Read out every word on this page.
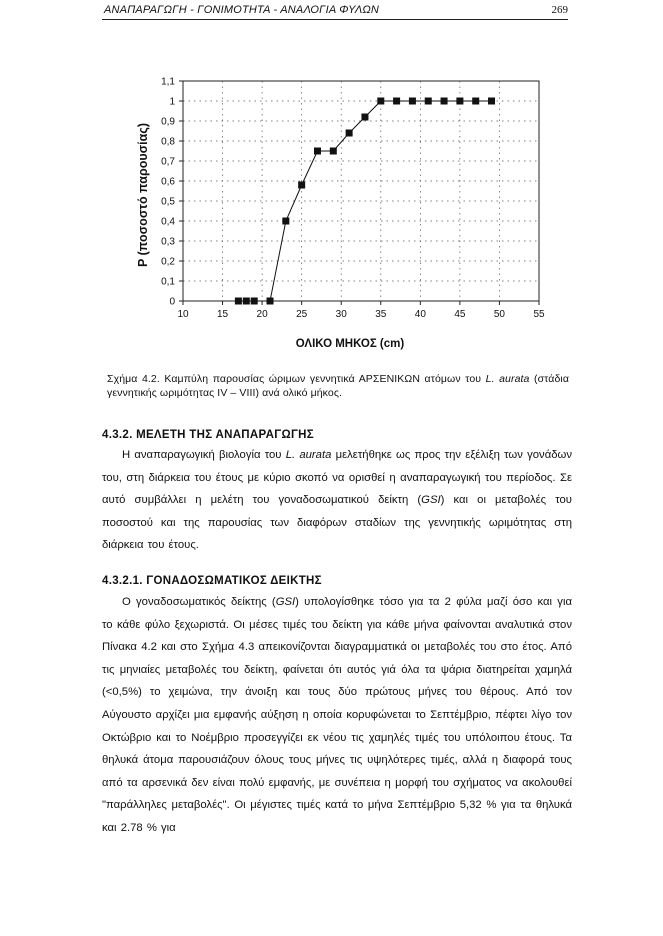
ΑΝΑΠΑΡΑΓΩΓΗ - ΓΟΝΙΜΟΤΗΤΑ - ΑΝΑΛΟΓΙΑ ΦΥΛΩΝ	269
0
0,1
0,2
0,3
0,4
0,5
0,6
0,7
0,8
0,9
1
1,1
10	15	20	25	30	35	40	45	50	55
P (ποσοστό παρουσίας)
ΟΛΙΚΟ ΜΗΚΟΣ (cm)
Σχήμα 4.2. Καμπύλη παρουσίας ώριμων γεννητικά ΑΡΣΕΝΙΚΩΝ ατόμων του L. aurata (στάδια γεννητικής ωριμότητας IV – VIII) ανά ολικό μήκος.
4.3.2. ΜΕΛΕΤΗ ΤΗΣ ΑΝΑΠΑΡΑΓΩΓΗΣ
Η αναπαραγωγική βιολογία του L. aurata μελετήθηκε ως προς την εξέλιξη των γονάδων του, στη διάρκεια του έτους με κύριο σκοπό να ορισθεί η αναπαραγωγική του περίοδος. Σε αυτό συμβάλλει η μελέτη του γοναδοσωματικού δείκτη (GSI) και οι μεταβολές του ποσοστού και της παρουσίας των διαφόρων σταδίων της γεννητικής ωριμότητας στη διάρκεια του έτους.
4.3.2.1. ΓΟΝΑΔΟΣΩΜΑΤΙΚΟΣ ΔΕΙΚΤΗΣ
Ο γοναδοσωματικός δείκτης (GSI) υπολογίσθηκε τόσο για τα 2 φύλα μαζί όσο και για το κάθε φύλο ξεχωριστά. Οι μέσες τιμές του δείκτη για κάθε μήνα φαίνονται αναλυτικά στον Πίνακα 4.2 και στο Σχήμα 4.3 απεικονίζονται διαγραμματικά οι μεταβολές του στο έτος. Από τις μηνιαίες μεταβολές του δείκτη, φαίνεται ότι αυτός γιά όλα τα ψάρια διατηρείται χαμηλά (<0,5%) το χειμώνα, την άνοιξη και τους δύο πρώτους μήνες του θέρους. Από τον Αύγουστο αρχίζει μια εμφανής αύξηση η οποία κορυφώνεται το Σεπτέμβριο, πέφτει λίγο τον Οκτώβριο και το Νοέμβριο προσεγγίζει εκ νέου τις χαμηλές τιμές του υπόλοιπου έτους. Τα θηλυκά άτομα παρουσιάζουν όλους τους μήνες τις υψηλότερες τιμές, αλλά η διαφορά τους από τα αρσενικά δεν είναι πολύ εμφανής, με συνέπεια η μορφή του σχήματος να ακολουθεί "παράλληλες μεταβολές". Οι μέγιστες τιμές κατά το μήνα Σεπτέμβριο 5,32 % για τα θηλυκά και 2.78 % για
